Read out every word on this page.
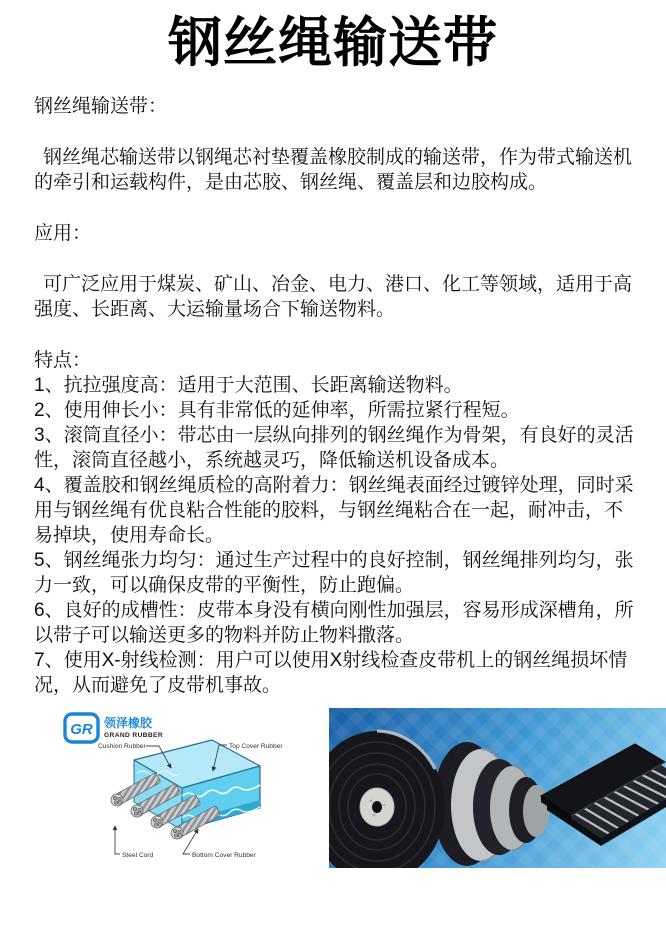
钢丝绳输送带
钢丝绳输送带：
钢丝绳芯输送带以钢绳芯衬垫覆盖橡胶制成的输送带，作为带式输送机的牵引和运载构件，是由芯胶、钢丝绳、覆盖层和边胶构成。
应用：
可广泛应用于煤炭、矿山、冶金、电力、港口、化工等领域，适用于高强度、长距离、大运输量场合下输送物料。
特点：
1、抗拉强度高：适用于大范围、长距离输送物料。
2、使用伸长小：具有非常低的延伸率，所需拉紧行程短。
3、滚筒直径小：带芯由一层纵向排列的钢丝绳作为骨架，有良好的灵活性，滚筒直径越小，系统越灵巧，降低输送机设备成本。
4、覆盖胶和钢丝绳质检的高附着力：钢丝绳表面经过镀锌处理，同时采用与钢丝绳有优良粘合性能的胶料，与钢丝绳粘合在一起，耐冲击，不易掉块，使用寿命长。
5、钢丝绳张力均匀：通过生产过程中的良好控制，钢丝绳排列均匀，张力一致，可以确保皮带的平衡性，防止跑偏。
6、良好的成槽性：皮带本身没有横向刚性加强层，容易形成深槽角，所以带子可以输送更多的物料并防止物料撒落。
7、使用X-射线检测：用户可以使用X射线检查皮带机上的钢丝绳损坏情况，从而避免了皮带机事故。
GR 领泽橡胶
GRAND RUBBER
Cushion Rubber	Top Cover Rubber
Steel Cord	Bottom Cover Rubber
